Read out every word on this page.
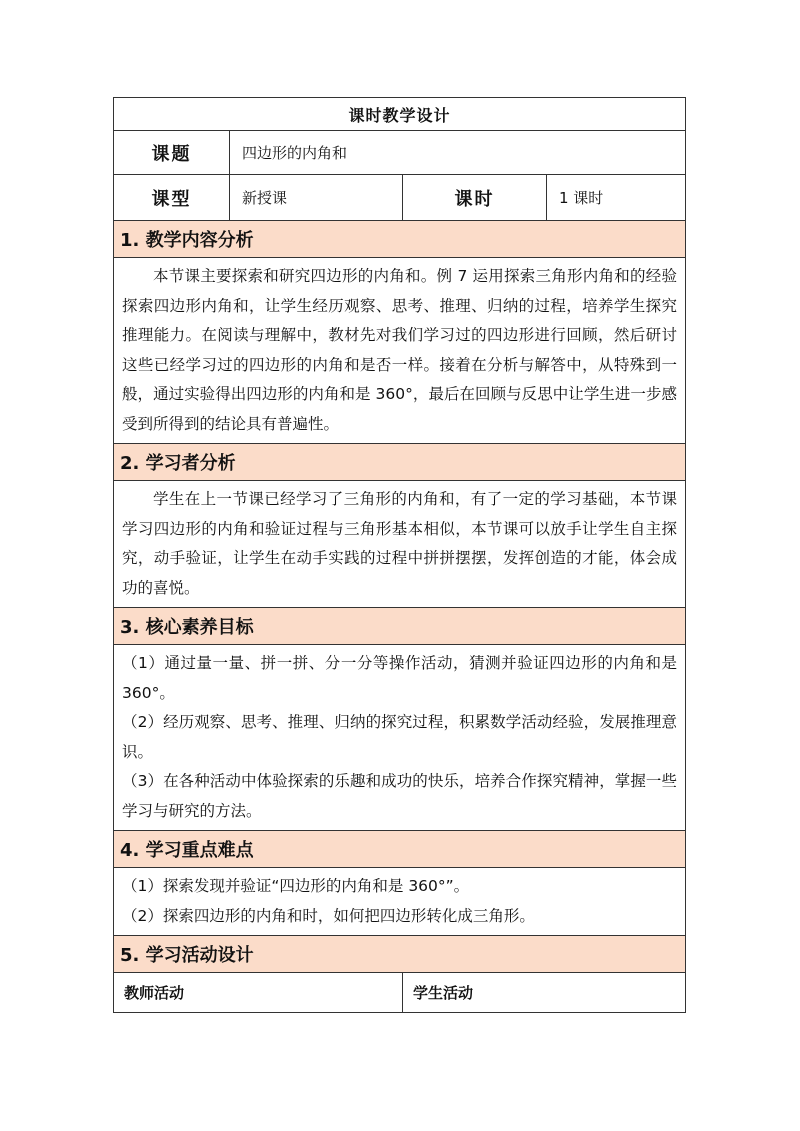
课时教学设计
课题	四边形的内角和
课型	新授课	课时	1 课时
1. 教学内容分析

本节课主要探索和研究四边形的内角和。例 7 运用探索三角形内角和的经验探索四边形内角和，让学生经历观察、思考、推理、归纳的过程，培养学生探究推理能力。在阅读与理解中，教材先对我们学习过的四边形进行回顾，然后研讨这些已经学习过的四边形的内角和是否一样。接着在分析与解答中，从特殊到一般，通过实验得出四边形的内角和是 360°，最后在回顾与反思中让学生进一步感受到所得到的结论具有普遍性。

2. 学习者分析

学生在上一节课已经学习了三角形的内角和，有了一定的学习基础，本节课学习四边形的内角和验证过程与三角形基本相似，本节课可以放手让学生自主探究，动手验证，让学生在动手实践的过程中拼拼摆摆，发挥创造的才能，体会成功的喜悦。

3. 核心素养目标

（1）通过量一量、拼一拼、分一分等操作活动，猜测并验证四边形的内角和是 360°。

（2）经历观察、思考、推理、归纳的探究过程，积累数学活动经验，发展推理意识。

（3）在各种活动中体验探索的乐趣和成功的快乐，培养合作探究精神，掌握一些学习与研究的方法。

4. 学习重点难点

（1）探索发现并验证“四边形的内角和是 360°”。

（2）探索四边形的内角和时，如何把四边形转化成三角形。

5. 学习活动设计
教师活动	学生活动
